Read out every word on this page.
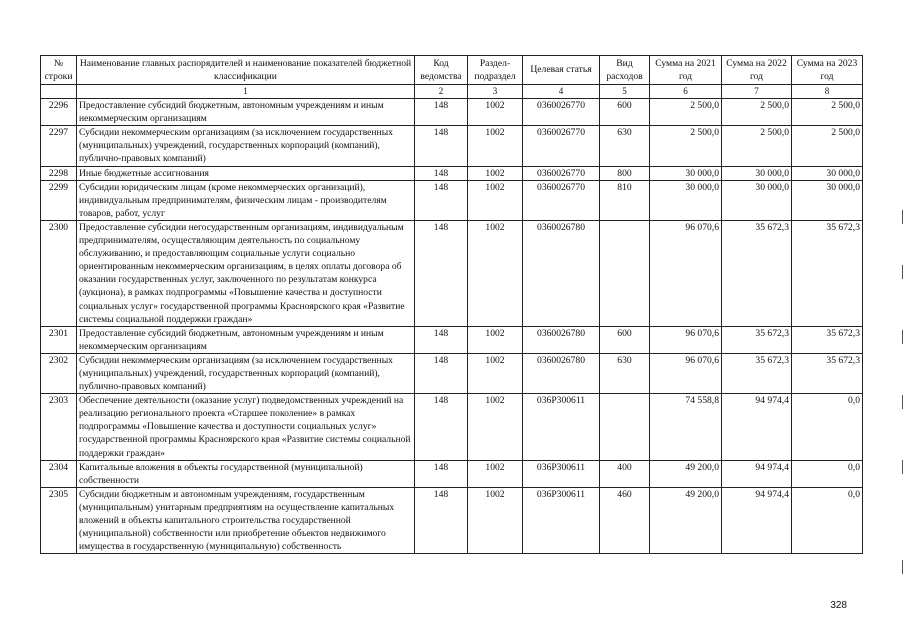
№ строки	Наименование главных распорядителей и наименование показателей бюджетной классификации	Код ведомства	Раздел-подраздел	Целевая статья	Вид расходов	Сумма на 2021 год	Сумма на 2022 год	Сумма на 2023 год
	1	2	3	4	5	6	7	8
2296	Предоставление субсидий бюджетным, автономным учреждениям и иным некоммерческим организациям	148	1002	0360026770	600	2 500,0	2 500,0	2 500,0
2297	Субсидии некоммерческим организациям (за исключением государственных (муниципальных) учреждений, государственных корпораций (компаний), публично-правовых компаний)	148	1002	0360026770	630	2 500,0	2 500,0	2 500,0
2298	Иные бюджетные ассигнования	148	1002	0360026770	800	30 000,0	30 000,0	30 000,0
2299	Субсидии юридическим лицам (кроме некоммерческих организаций), индивидуальным предпринимателям, физическим лицам - производителям товаров, работ, услуг	148	1002	0360026770	810	30 000,0	30 000,0	30 000,0
2300	Предоставление субсидии негосударственным организациям, индивидуальным предпринимателям, осуществляющим деятельность по социальному обслуживанию, и предоставляющим социальные услуги социально ориентированным некоммерческим организациям, в целях оплаты договора об оказании государственных услуг, заключенного по результатам конкурса (аукциона), в рамках подпрограммы «Повышение качества и доступности социальных услуг» государственной программы Красноярского края «Развитие системы социальной поддержки граждан»	148	1002	0360026780		96 070,6	35 672,3	35 672,3
2301	Предоставление субсидий бюджетным, автономным учреждениям и иным некоммерческим организациям	148	1002	0360026780	600	96 070,6	35 672,3	35 672,3
2302	Субсидии некоммерческим организациям (за исключением государственных (муниципальных) учреждений, государственных корпораций (компаний), публично-правовых компаний)	148	1002	0360026780	630	96 070,6	35 672,3	35 672,3
2303	Обеспечение деятельности (оказание услуг) подведомственных учреждений на реализацию регионального проекта «Старшее поколение» в рамках подпрограммы «Повышение качества и доступности социальных услуг» государственной программы Красноярского края «Развитие системы социальной поддержки граждан»	148	1002	036P300611		74 558,8	94 974,4	0,0
2304	Капитальные вложения в объекты государственной (муниципальной) собственности	148	1002	036P300611	400	49 200,0	94 974,4	0,0
2305	Субсидии бюджетным и автономным учреждениям, государственным (муниципальным) унитарным предприятиям на осуществление капитальных вложений в объекты капитального строительства государственной (муниципальной) собственности или приобретение объектов недвижимого имущества в государственную (муниципальную) собственность	148	1002	036P300611	460	49 200,0	94 974,4	0,0
328
